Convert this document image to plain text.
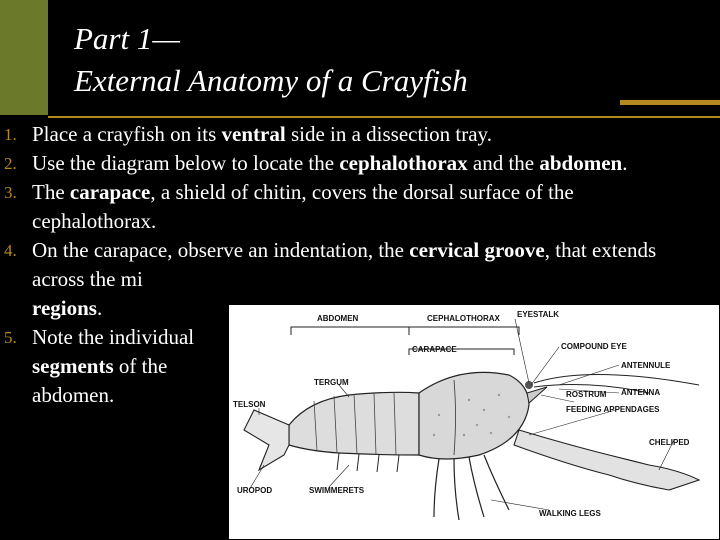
Part 1—
External Anatomy of a Crayfish
1. Place a crayfish on its ventral side in a dissection tray.
2. Use the diagram below to locate the cephalothorax and the abdomen.
3. The carapace, a shield of chitin, covers the dorsal surface of the cephalothorax.
4. On the carapace, observe an indentation, the cervical groove, that extends across the mi
regions.
5. Note the individual
segments of the
abdomen.
ABDOMEN	CEPHALOTHORAX EYESTALK
CARAPACE	COMPOUND EYE
ANTENNULE
TERGUM
ROSTRUM ANTENNA
TELSON
FEEDING APPENDAGES
CHELIPED
UROPOD	SWIMMERETS
WALKING LEGS
